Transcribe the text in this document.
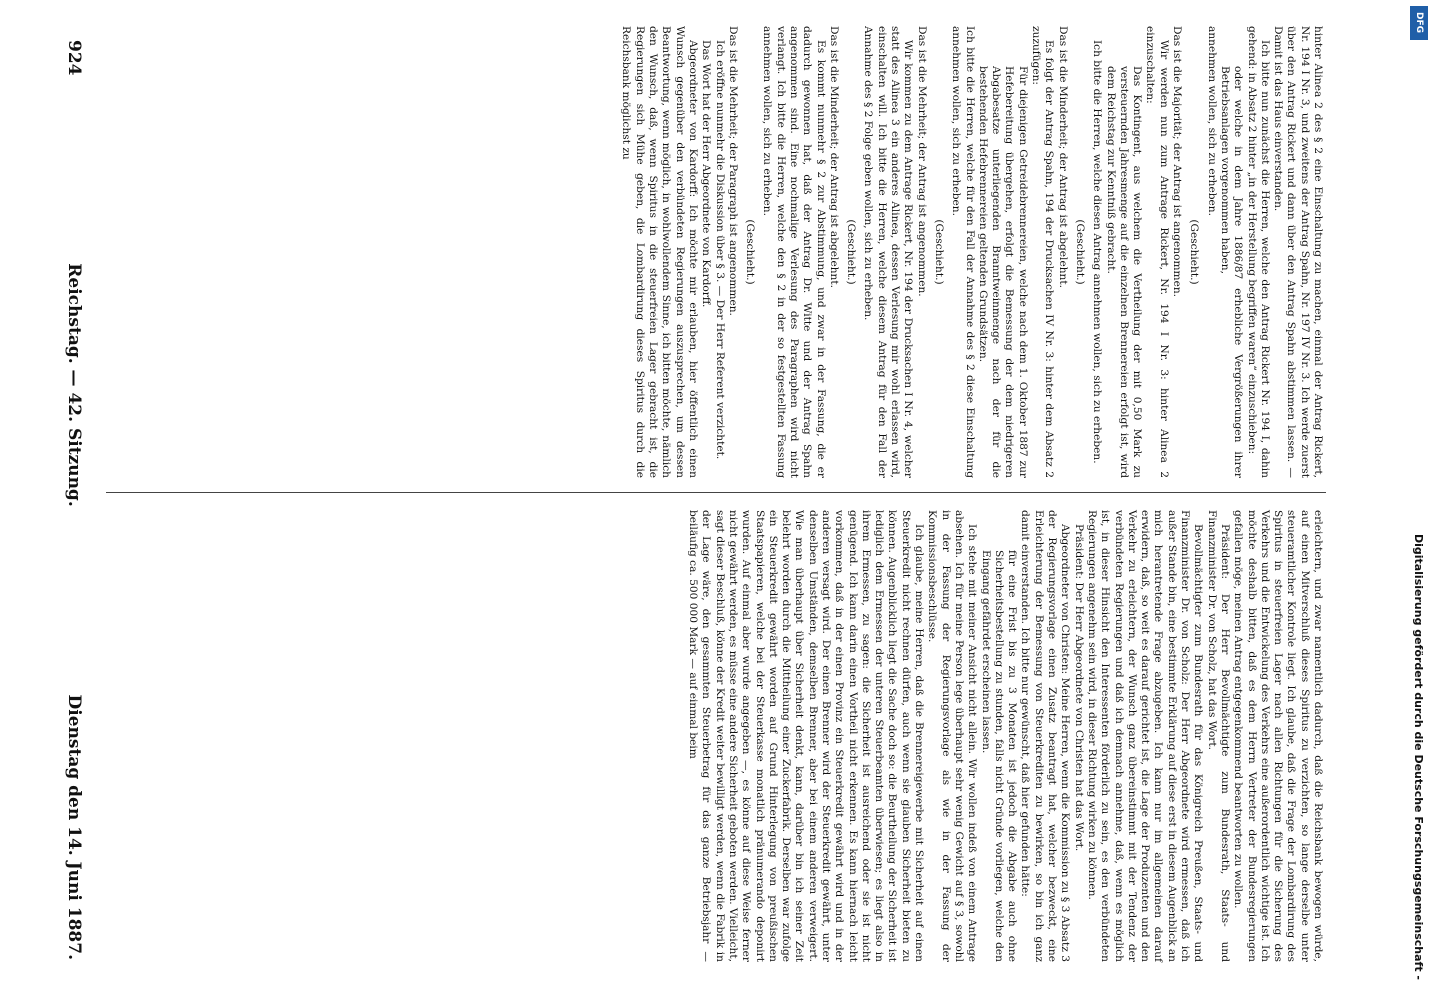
924
Reichstag. — 42. Sitzung.
Dienstag den 14. Juni 1887.

hinter Alinea 2 des § 2 eine Einschaltung zu machen, einmal der Antrag Rickert, Nr. 194 I Nr. 3, und zweitens der Antrag Spahn, Nr. 197 IV Nr. 3. Ich werde zuerst über den Antrag Rickert und dann über den Antrag Spahn abstimmen lassen. — Damit ist das Haus einverstanden.

Ich bitte nun zunächst die Herren, welche den Antrag Rickert Nr. 194 I, dahin gehend: in Absatz 2 hinter „in der Herstellung begriffen waren“ einzuschieben:

oder welche in dem Jahre 1886/87 erhebliche Vergrößerungen ihrer Betriebsanlagen vorgenommen haben,

annehmen wollen, sich zu erheben.

(Geschieht.)

Das ist die Majorität; der Antrag ist angenommen.

Wir werden nun zum Antrage Rickert, Nr. 194 I Nr. 3: hinter Alinea 2 einzuschalten:

Das Kontingent, aus welchem die Vertheilung der mit 0,50 Mark zu versteuernden Jahresmenge auf die einzelnen Brennereien erfolgt ist, wird dem Reichstag zur Kenntniß gebracht.

Ich bitte die Herren, welche diesen Antrag annehmen wollen, sich zu erheben.

(Geschieht.)

Das ist die Minderheit; der Antrag ist abgelehnt.

Es folgt der Antrag Spahn, 194 der Drucksachen IV Nr. 3: hinter dem Absatz 2 zuzufügen:

Für diejenigen Getreidebrennereien, welche nach dem 1. Oktober 1887 zur Hefebereitung übergehen, erfolgt die Bemessung der dem niedrigeren Abgabesatze unterliegenden Branntweinmenge nach der für die bestehenden Hefebrennereien geltenden Grundsätzen.

Ich bitte die Herren, welche für den Fall der Annahme des § 2 diese Einschaltung annehmen wollen, sich zu erheben.

(Geschieht.)

Das ist die Mehrheit; der Antrag ist angenommen.

Wir kommen zu dem Antrage Rickert, Nr. 194 der Drucksachen I Nr. 4, welcher statt des Alinea 3 ein anderes Alinea, dessen Verlesung mir wohl erlassen wird, einschalten will. Ich bitte die Herren, welche diesem Antrag für den Fall der Annahme des § 2 Folge geben wollen, sich zu erheben.

(Geschieht.)

Das ist die Minderheit; der Antrag ist abgelehnt.

Es kommt nunmehr § 2 zur Abstimmung, und zwar in der Fassung, die er dadurch gewonnen hat, daß der Antrag Dr. Witte und der Antrag Spahn angenommen sind. Eine nochmalige Verlesung des Paragraphen wird nicht verlangt. Ich bitte die Herren, welche den § 2 in der so festgestellten Fassung annehmen wollen, sich zu erheben.

(Geschieht.)

Das ist die Mehrheit; der Paragraph ist angenommen.

Ich eröffne nunmehr die Diskussion über § 3. — Der Herr Referent verzichtet.

Das Wort hat der Herr Abgeordnete von Kardorff.

Abgeordneter von Kardorff: Ich möchte mir erlauben, hier öffentlich einen Wunsch gegenüber den verbündeten Regierungen auszusprechen, um dessen Beantwortung, wenn möglich, in wohlwollendem Sinne, ich bitten möchte, nämlich den Wunsch, daß, wenn Spiritus in die steuerfreien Lager gebracht ist, die Regierungen sich Mühe geben, die Lombardirung dieses Spiritus durch die Reichsbank möglichst zu

erleichtern, und zwar namentlich dadurch, daß die Reichsbank bewogen würde, auf einen Mitverschluß dieses Spiritus zu verzichten, so lange derselbe unter steueramtlicher Kontrole liegt. Ich glaube, daß die Frage der Lombardirung des Spiritus in steuerfreien Lager nach allen Richtungen für die Sicherung des Verkehrs und die Entwickelung des Verkehrs eine außerordentlich wichtige ist. Ich möchte deshalb bitten, daß es dem Herrn Vertreter der Bundesregierungen gefallen möge, meinen Antrag entgegenkommend beantworten zu wollen.

Präsident: Der Herr Bevollmächtigte zum Bundesrath, Staats- und Finanzminister Dr. von Scholz, hat das Wort.

Bevollmächtigter zum Bundesrath für das Königreich Preußen, Staats- und Finanzminister Dr. von Scholz: Der Herr Abgeordnete wird ermessen, daß ich außer Stande bin, eine bestimmte Erklärung auf diese erst in diesem Augenblick an mich herantretende Frage abzugeben. Ich kann nur im allgemeinen darauf erwidern, daß, so weit es darauf gerichtet ist, die Lage der Produzenten und den Verkehr zu erleichtern, der Wunsch ganz übereinstimmt mit der Tendenz der verbündeten Regierungen und daß ich demnach annehme, daß, wenn es möglich ist, in dieser Hinsicht den Interessenten förderlich zu sein, es den verbündeten Regierungen angenehm sein wird, in dieser Richtung wirken zu können.

Präsident: Der Herr Abgeordnete von Christen hat das Wort.

Abgeordneter von Christen: Meine Herren, wenn die Kommission zu § 3 Absatz 3 der Regierungsvorlage einen Zusatz beantragt hat, welcher bezweckt, eine Erleichterung der Bemessung von Steuerkrediten zu bewirken, so bin ich ganz damit einverstanden. Ich bitte nur gewünscht, daß hier gefunden hätte:

für eine Frist bis zu 3 Monaten ist jedoch die Abgabe auch ohne Sicherheitsbestellung zu stunden, falls nicht Gründe vorliegen, welche den Eingang gefährdet erscheinen lassen.

Ich stehe mit meiner Ansicht nicht allein. Wir wollen indeß von einem Antrage absehen. Ich für meine Person lege überhaupt sehr wenig Gewicht auf § 3, sowohl in der Fassung der Regierungsvorlage als wie in der Fassung der Kommissionsbeschlüsse.

Ich glaube, meine Herren, daß die Brennereigewerbe mit Sicherheit auf einen Steuerkredit nicht rechnen dürfen, auch wenn sie glauben Sicherheit bieten zu können. Augenblicklich liegt die Sache doch so: die Beurtheilung der Sicherheit ist lediglich dem Ermessen der unteren Steuerbeamten überwiesen; es liegt also in ihrem Ermessen, zu sagen: die Sicherheit ist ausreichend oder sie ist nicht genügend. Ich kann darin einen Vortheil nicht erkennen. Es kann hiernach leicht vorkommen, daß in der einen Provinz ein Steuerkredit gewährt wird und in der anderen versagt wird. Der einen Brenner wird der Steuerkredit gewährt, unter denselben Umständen, demselben Brenner, aber bei einem anderen verweigert. Wie man überhaupt über Sicherheit denkt, kann, darüber bin ich seiner Zeit belehrt worden durch die Mittheilung einer Zuckerfabrik. Derselben war zufolge ein Steuerkredit gewährt worden auf Grund Hinterlegung von preußischen Staatspapieren, welche bei der Steuerkasse monatlich pränumerando deponirt wurden. Auf einmal aber wurde angegeben —, es könne auf diese Weise ferner nicht gewährt werden, es müsse eine andere Sicherheit geboten werden. Vielleicht, sagt dieser Beschluß, könne der Kredit weiter bewilligt werden, wenn die Fabrik in der Lage wäre, den gesammten Steuerbetrag für das ganze Betriebsjahr — beiläufig ca. 500 000 Mark — auf einmal beim	Digitalisierung gefördert durch die Deutsche Forschungsgemeinschaft -
DFG
